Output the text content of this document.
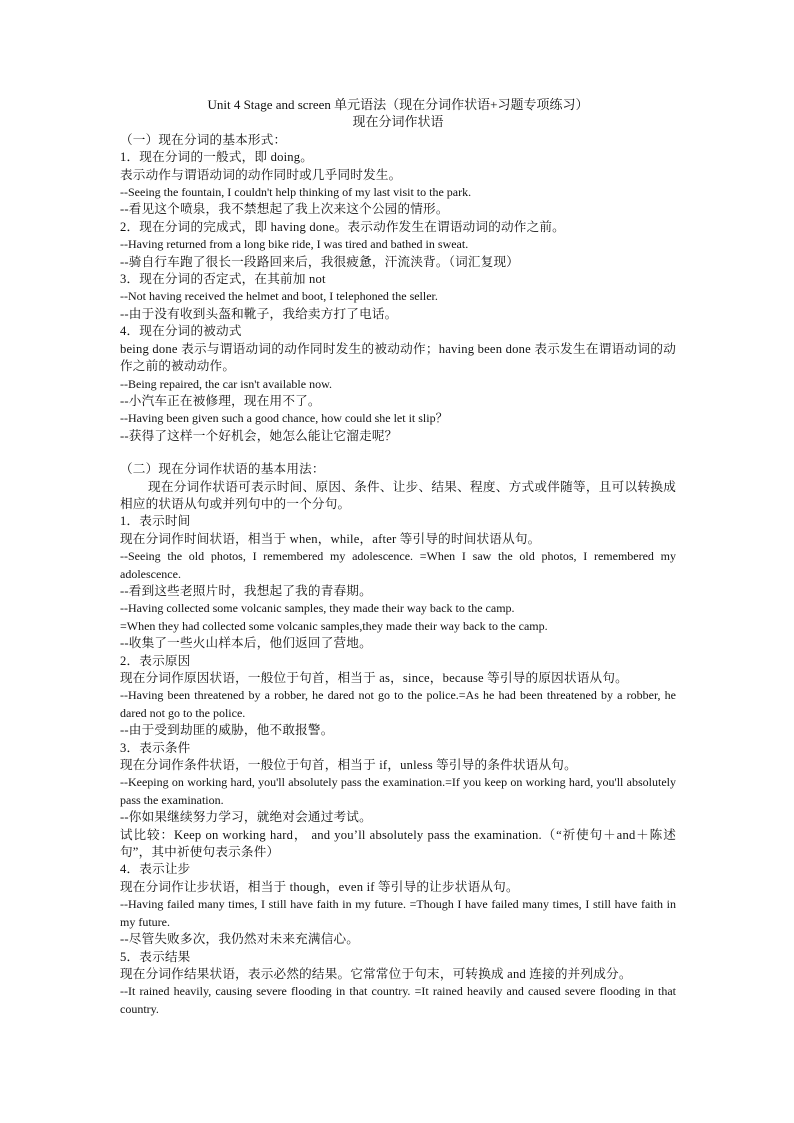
Unit 4 Stage and screen 单元语法（现在分词作状语+习题专项练习）

现在分词作状语

（一）现在分词的基本形式：

1．现在分词的一般式，即 doing。

表示动作与谓语动词的动作同时或几乎同时发生。

--Seeing the fountain, I couldn't help thinking of my last visit to the park.

--看见这个喷泉，我不禁想起了我上次来这个公园的情形。

2．现在分词的完成式，即 having done。表示动作发生在谓语动词的动作之前。

--Having returned from a long bike ride, I was tired and bathed in sweat.

--骑自行车跑了很长一段路回来后，我很疲惫，汗流浃背。（词汇复现）

3．现在分词的否定式，在其前加 not

--Not having received the helmet and boot, I telephoned the seller.

--由于没有收到头盔和靴子，我给卖方打了电话。

4．现在分词的被动式

being done 表示与谓语动词的动作同时发生的被动动作；having been done 表示发生在谓语动词的动作之前的被动动作。

--Being repaired, the car isn't available now.

--小汽车正在被修理，现在用不了。

--Having been given such a good chance, how could she let it slip？

--获得了这样一个好机会，她怎么能让它溜走呢？

（二）现在分词作状语的基本用法：

现在分词作状语可表示时间、原因、条件、让步、结果、程度、方式或伴随等，且可以转换成相应的状语从句或并列句中的一个分句。

1．表示时间

现在分词作时间状语，相当于 when，while，after 等引导的时间状语从句。

--Seeing the old photos, I remembered my adolescence. =When I saw the old photos, I remembered my adolescence.

--看到这些老照片时，我想起了我的青春期。

--Having collected some volcanic samples, they made their way back to the camp.

=When they had collected some volcanic samples,they made their way back to the camp.

--收集了一些火山样本后，他们返回了营地。

2．表示原因

现在分词作原因状语，一般位于句首，相当于 as，since，because 等引导的原因状语从句。

--Having been threatened by a robber, he dared not go to the police.=As he had been threatened by a robber, he dared not go to the police.

--由于受到劫匪的威胁，他不敢报警。

3．表示条件

现在分词作条件状语，一般位于句首，相当于 if，unless 等引导的条件状语从句。

--Keeping on working hard, you'll absolutely pass the examination.=If you keep on working hard, you'll absolutely pass the examination.

--你如果继续努力学习，就绝对会通过考试。

试比较：Keep on working hard， and you’ll absolutely pass the examination.（“祈使句＋and＋陈述句”，其中祈使句表示条件）

4．表示让步

现在分词作让步状语，相当于 though，even if 等引导的让步状语从句。

--Having failed many times, I still have faith in my future. =Though I have failed many times, I still have faith in my future.

--尽管失败多次，我仍然对未来充满信心。

5．表示结果

现在分词作结果状语，表示必然的结果。它常常位于句末，可转换成 and 连接的并列成分。

--It rained heavily, causing severe flooding in that country. =It rained heavily and caused severe flooding in that country.
